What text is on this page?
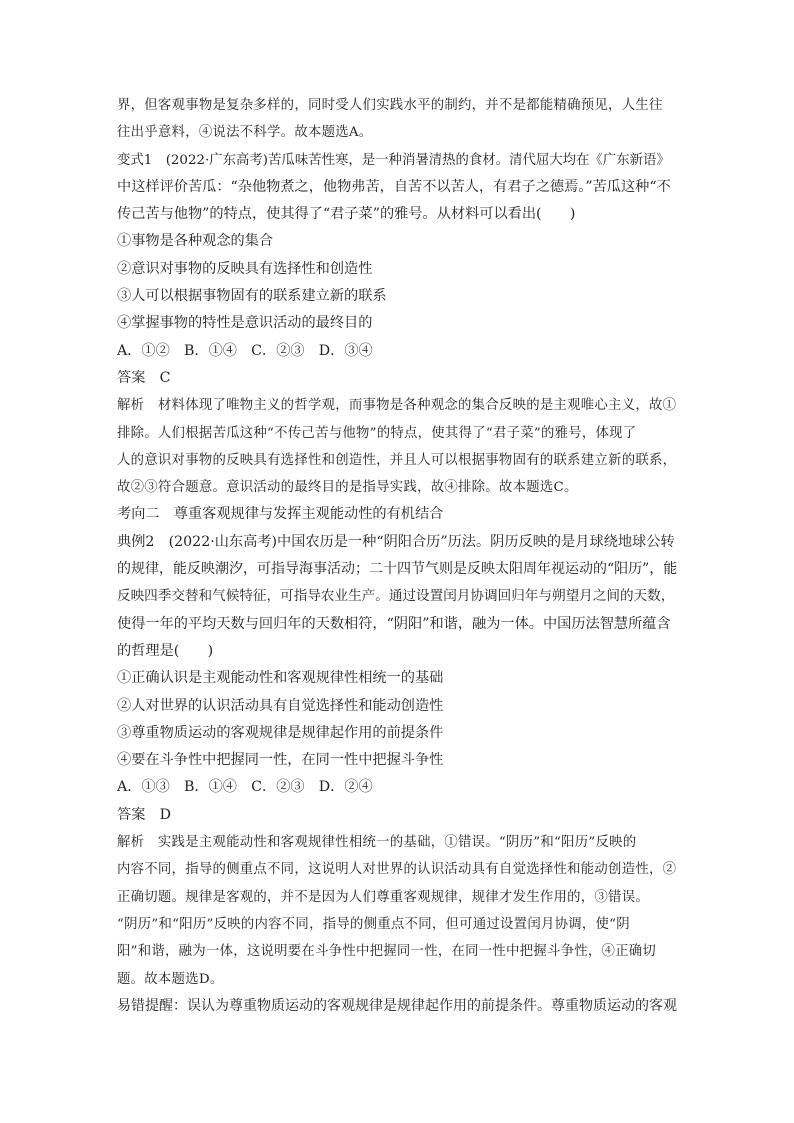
界，但客观事物是复杂多样的，同时受人们实践水平的制约，并不是都能精确预见，人生往
往出乎意料，④说法不科学。故本题选A。
变式1　(2022·广东高考)苦瓜味苦性寒，是一种消暑清热的食材。清代屈大均在《广东新语》
中这样评价苦瓜：“杂他物煮之，他物弗苦，自苦不以苦人，有君子之德焉。”苦瓜这种“不
传己苦与他物”的特点，使其得了“君子菜”的雅号。从材料可以看出(　　)
①事物是各种观念的集合
②意识对事物的反映具有选择性和创造性
③人可以根据事物固有的联系建立新的联系
④掌握事物的特性是意识活动的最终目的
A．①②　B．①④　C．②③　D．③④
答案　C
解析　材料体现了唯物主义的哲学观，而事物是各种观念的集合反映的是主观唯心主义，故①
排除。人们根据苦瓜这种“不传己苦与他物”的特点，使其得了“君子菜”的雅号，体现了
人的意识对事物的反映具有选择性和创造性，并且人可以根据事物固有的联系建立新的联系，
故②③符合题意。意识活动的最终目的是指导实践，故④排除。故本题选C。
考向二　尊重客观规律与发挥主观能动性的有机结合
典例2　(2022·山东高考)中国农历是一种“阴阳合历”历法。阴历反映的是月球绕地球公转
的规律，能反映潮汐，可指导海事活动；二十四节气则是反映太阳周年视运动的“阳历”，能
反映四季交替和气候特征，可指导农业生产。通过设置闰月协调回归年与朔望月之间的天数，
使得一年的平均天数与回归年的天数相符，“阴阳”和谐，融为一体。中国历法智慧所蕴含
的哲理是(　　)
①正确认识是主观能动性和客观规律性相统一的基础
②人对世界的认识活动具有自觉选择性和能动创造性
③尊重物质运动的客观规律是规律起作用的前提条件
④要在斗争性中把握同一性，在同一性中把握斗争性
A．①③　B．①④　C．②③　D．②④
答案　D
解析　实践是主观能动性和客观规律性相统一的基础，①错误。“阴历”和“阳历”反映的
内容不同，指导的侧重点不同，这说明人对世界的认识活动具有自觉选择性和能动创造性，②
正确切题。规律是客观的，并不是因为人们尊重客观规律，规律才发生作用的，③错误。
“阴历”和“阳历”反映的内容不同，指导的侧重点不同，但可通过设置闰月协调，使“阴
阳”和谐，融为一体，这说明要在斗争性中把握同一性，在同一性中把握斗争性，④正确切
题。故本题选D。
易错提醒：误认为尊重物质运动的客观规律是规律起作用的前提条件。尊重物质运动的客观
